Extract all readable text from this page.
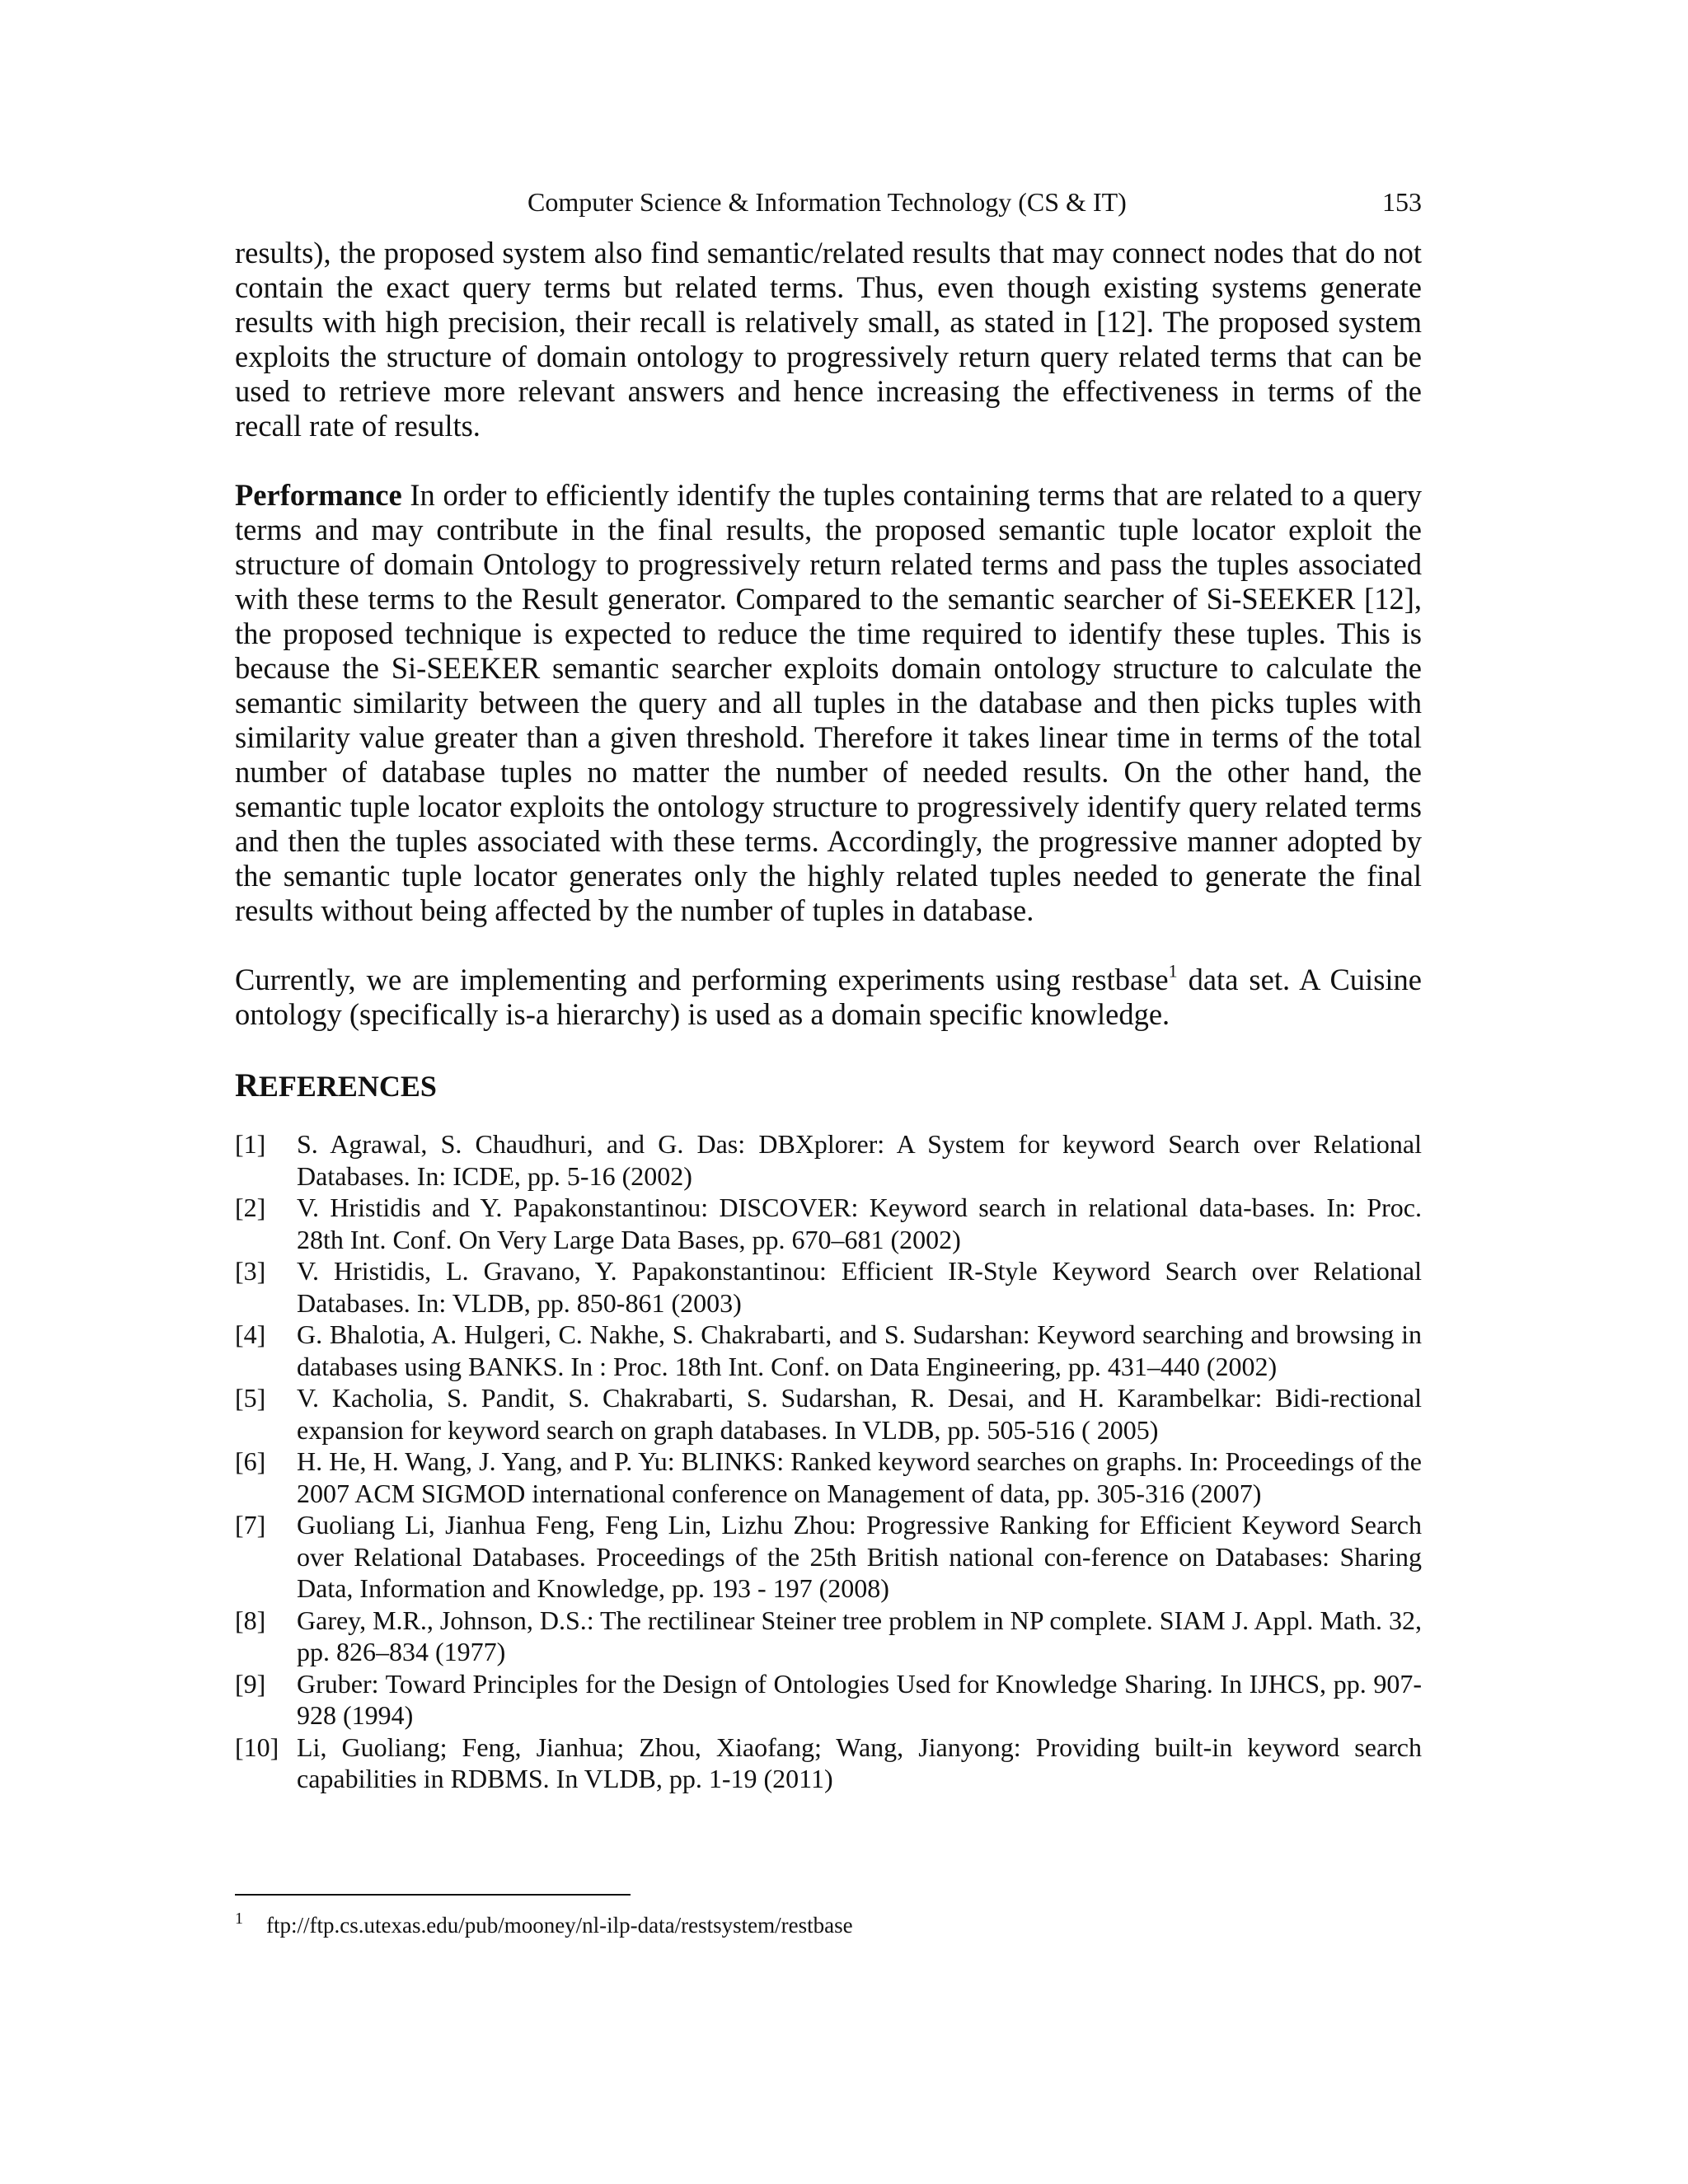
Computer Science & Information Technology (CS & IT)	153

results), the proposed system also find semantic/related results that may connect nodes that do not contain the exact query terms but related terms. Thus, even though existing systems generate results with high precision, their recall is relatively small, as stated in [12]. The proposed system exploits the structure of domain ontology to progressively return query related terms that can be used to retrieve more relevant answers and hence increasing the effectiveness in terms of the recall rate of results.

Performance In order to efficiently identify the tuples containing terms that are related to a query terms and may contribute in the final results, the proposed semantic tuple locator exploit the structure of domain Ontology to progressively return related terms and pass the tuples associated with these terms to the Result generator. Compared to the semantic searcher of Si-SEEKER [12], the proposed technique is expected to reduce the time required to identify these tuples. This is because the Si-SEEKER semantic searcher exploits domain ontology structure to calculate the semantic similarity between the query and all tuples in the database and then picks tuples with similarity value greater than a given threshold. Therefore it takes linear time in terms of the total number of database tuples no matter the number of needed results. On the other hand, the semantic tuple locator exploits the ontology structure to progressively identify query related terms and then the tuples associated with these terms. Accordingly, the progressive manner adopted by the semantic tuple locator generates only the highly related tuples needed to generate the final results without being affected by the number of tuples in database.

Currently, we are implementing and performing experiments using restbase$^1$ data set. A Cuisine ontology (specifically is-a hierarchy) is used as a domain specific knowledge.

REFERENCES
[1] S. Agrawal, S. Chaudhuri, and G. Das: DBXplorer: A System for keyword Search over Relational Databases. In: ICDE, pp. 5-16 (2002)
[2] V. Hristidis and Y. Papakonstantinou: DISCOVER: Keyword search in relational data-bases. In: Proc. 28th Int. Conf. On Very Large Data Bases, pp. 670–681 (2002)
[3] V. Hristidis, L. Gravano, Y. Papakonstantinou: Efficient IR-Style Keyword Search over Relational Databases. In: VLDB, pp. 850-861 (2003)
[4] G. Bhalotia, A. Hulgeri, C. Nakhe, S. Chakrabarti, and S. Sudarshan: Keyword searching and browsing in databases using BANKS. In : Proc. 18th Int. Conf. on Data Engineering, pp. 431–440 (2002)
[5] V. Kacholia, S. Pandit, S. Chakrabarti, S. Sudarshan, R. Desai, and H. Karambelkar: Bidi-rectional expansion for keyword search on graph databases. In VLDB, pp. 505-516 ( 2005)
[6] H. He, H. Wang, J. Yang, and P. Yu: BLINKS: Ranked keyword searches on graphs. In: Proceedings of the 2007 ACM SIGMOD international conference on Management of data, pp. 305-316 (2007)
[7] Guoliang Li, Jianhua Feng, Feng Lin, Lizhu Zhou: Progressive Ranking for Efficient Keyword Search over Relational Databases. Proceedings of the 25th British national con-ference on Databases: Sharing Data, Information and Knowledge, pp. 193 - 197 (2008)
[8] Garey, M.R., Johnson, D.S.: The rectilinear Steiner tree problem in NP complete. SIAM J. Appl. Math. 32, pp. 826–834 (1977)
[9] Gruber: Toward Principles for the Design of Ontologies Used for Knowledge Sharing. In IJHCS, pp. 907-928 (1994)
[10] Li, Guoliang; Feng, Jianhua; Zhou, Xiaofang; Wang, Jianyong: Providing built-in keyword search capabilities in RDBMS. In VLDB, pp. 1-19 (2011)
1 ftp://ftp.cs.utexas.edu/pub/mooney/nl-ilp-data/restsystem/restbase
